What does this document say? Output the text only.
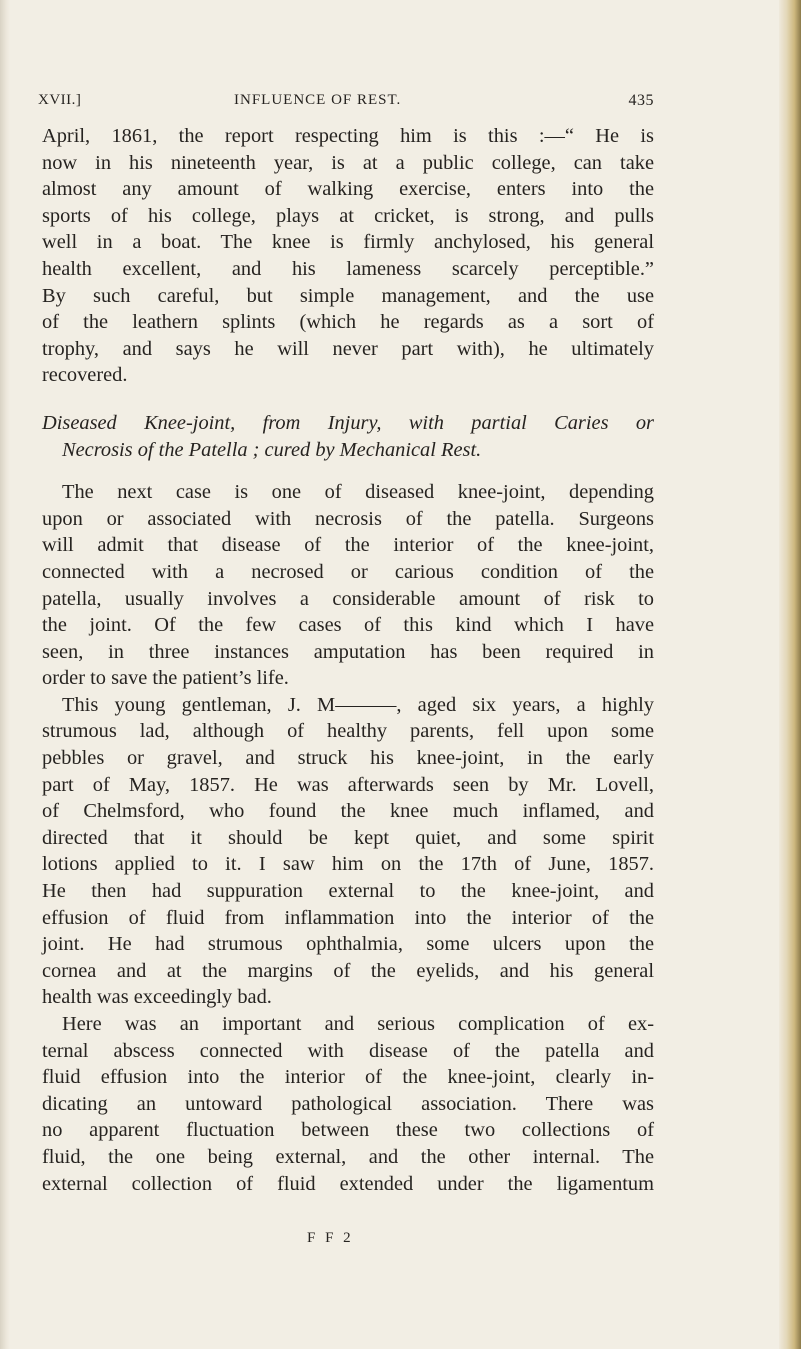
XVII.]	INFLUENCE OF REST.	435

April, 1861, the report respecting him is this :—“ He is

now in his nineteenth year, is at a public college, can take

almost any amount of walking exercise, enters into the

sports of his college, plays at cricket, is strong, and pulls

well in a boat. The knee is firmly anchylosed, his general

health excellent, and his lameness scarcely perceptible.”

By such careful, but simple management, and the use

of the leathern splints (which he regards as a sort of

trophy, and says he will never part with), he ultimately

recovered.

Diseased Knee-joint, from Injury, with partial Caries or
Necrosis of the Patella ; cured by Mechanical Rest.

The next case is one of diseased knee-joint, depending

upon or associated with necrosis of the patella. Surgeons

will admit that disease of the interior of the knee-joint,

connected with a necrosed or carious condition of the

patella, usually involves a considerable amount of risk to

the joint. Of the few cases of this kind which I have

seen, in three instances amputation has been required in

order to save the patient’s life.

This young gentleman, J. M———, aged six years, a highly

strumous lad, although of healthy parents, fell upon some

pebbles or gravel, and struck his knee-joint, in the early

part of May, 1857. He was afterwards seen by Mr. Lovell,

of Chelmsford, who found the knee much inflamed, and

directed that it should be kept quiet, and some spirit

lotions applied to it. I saw him on the 17th of June, 1857.

He then had suppuration external to the knee-joint, and

effusion of fluid from inflammation into the interior of the

joint. He had strumous ophthalmia, some ulcers upon the

cornea and at the margins of the eyelids, and his general

health was exceedingly bad.

Here was an important and serious complication of ex-

ternal abscess connected with disease of the patella and

fluid effusion into the interior of the knee-joint, clearly in-

dicating an untoward pathological association. There was

no apparent fluctuation between these two collections of

fluid, the one being external, and the other internal. The

external collection of fluid extended under the ligamentum

F F 2
